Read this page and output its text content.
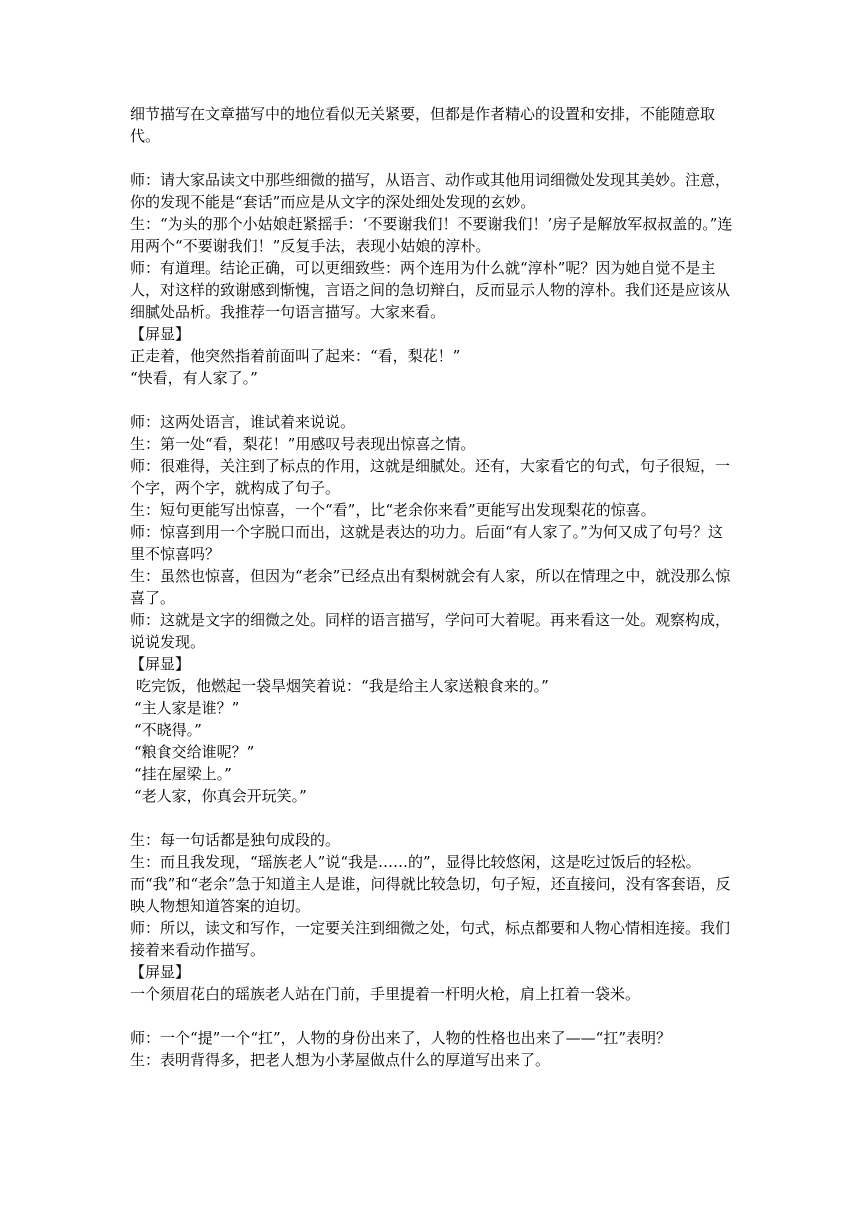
细节描写在文章描写中的地位看似无关紧要，但都是作者精心的设置和安排，不能随意取代。

师：请大家品读文中那些细微的描写，从语言、动作或其他用词细微处发现其美妙。注意，你的发现不能是“套话”而应是从文字的深处细处发现的玄妙。

生：“为头的那个小姑娘赶紧摇手：‘不要谢我们！不要谢我们！’房子是解放军叔叔盖的。”连用两个“不要谢我们！”反复手法，表现小姑娘的淳朴。

师：有道理。结论正确，可以更细致些：两个连用为什么就“淳朴”呢？因为她自觉不是主人，对这样的致谢感到惭愧，言语之间的急切辩白，反而显示人物的淳朴。我们还是应该从细腻处品析。我推荐一句语言描写。大家来看。

【屏显】

正走着，他突然指着前面叫了起来：“看，梨花！”

“快看，有人家了。”

师：这两处语言，谁试着来说说。

生：第一处“看，梨花！”用感叹号表现出惊喜之情。

师：很难得，关注到了标点的作用，这就是细腻处。还有，大家看它的句式，句子很短，一个字，两个字，就构成了句子。

生：短句更能写出惊喜，一个“看”，比“老余你来看”更能写出发现梨花的惊喜。

师：惊喜到用一个字脱口而出，这就是表达的功力。后面“有人家了。”为何又成了句号？这里不惊喜吗？

生：虽然也惊喜，但因为“老余”已经点出有梨树就会有人家，所以在情理之中，就没那么惊喜了。

师：这就是文字的细微之处。同样的语言描写，学问可大着呢。再来看这一处。观察构成，说说发现。

【屏显】

吃完饭，他燃起一袋旱烟笑着说：“我是给主人家送粮食来的。”

“主人家是谁？”

“不晓得。”

“粮食交给谁呢？”

“挂在屋梁上。”

“老人家，你真会开玩笑。”

生：每一句话都是独句成段的。

生：而且我发现，“瑶族老人”说“我是……的”，显得比较悠闲，这是吃过饭后的轻松。而“我”和“老余”急于知道主人是谁，问得就比较急切，句子短，还直接问，没有客套语，反映人物想知道答案的迫切。

师：所以，读文和写作，一定要关注到细微之处，句式，标点都要和人物心情相连接。我们接着来看动作描写。

【屏显】

一个须眉花白的瑶族老人站在门前，手里提着一杆明火枪，肩上扛着一袋米。

师：一个“提”一个“扛”，人物的身份出来了，人物的性格也出来了——“扛”表明？

生：表明背得多，把老人想为小茅屋做点什么的厚道写出来了。
